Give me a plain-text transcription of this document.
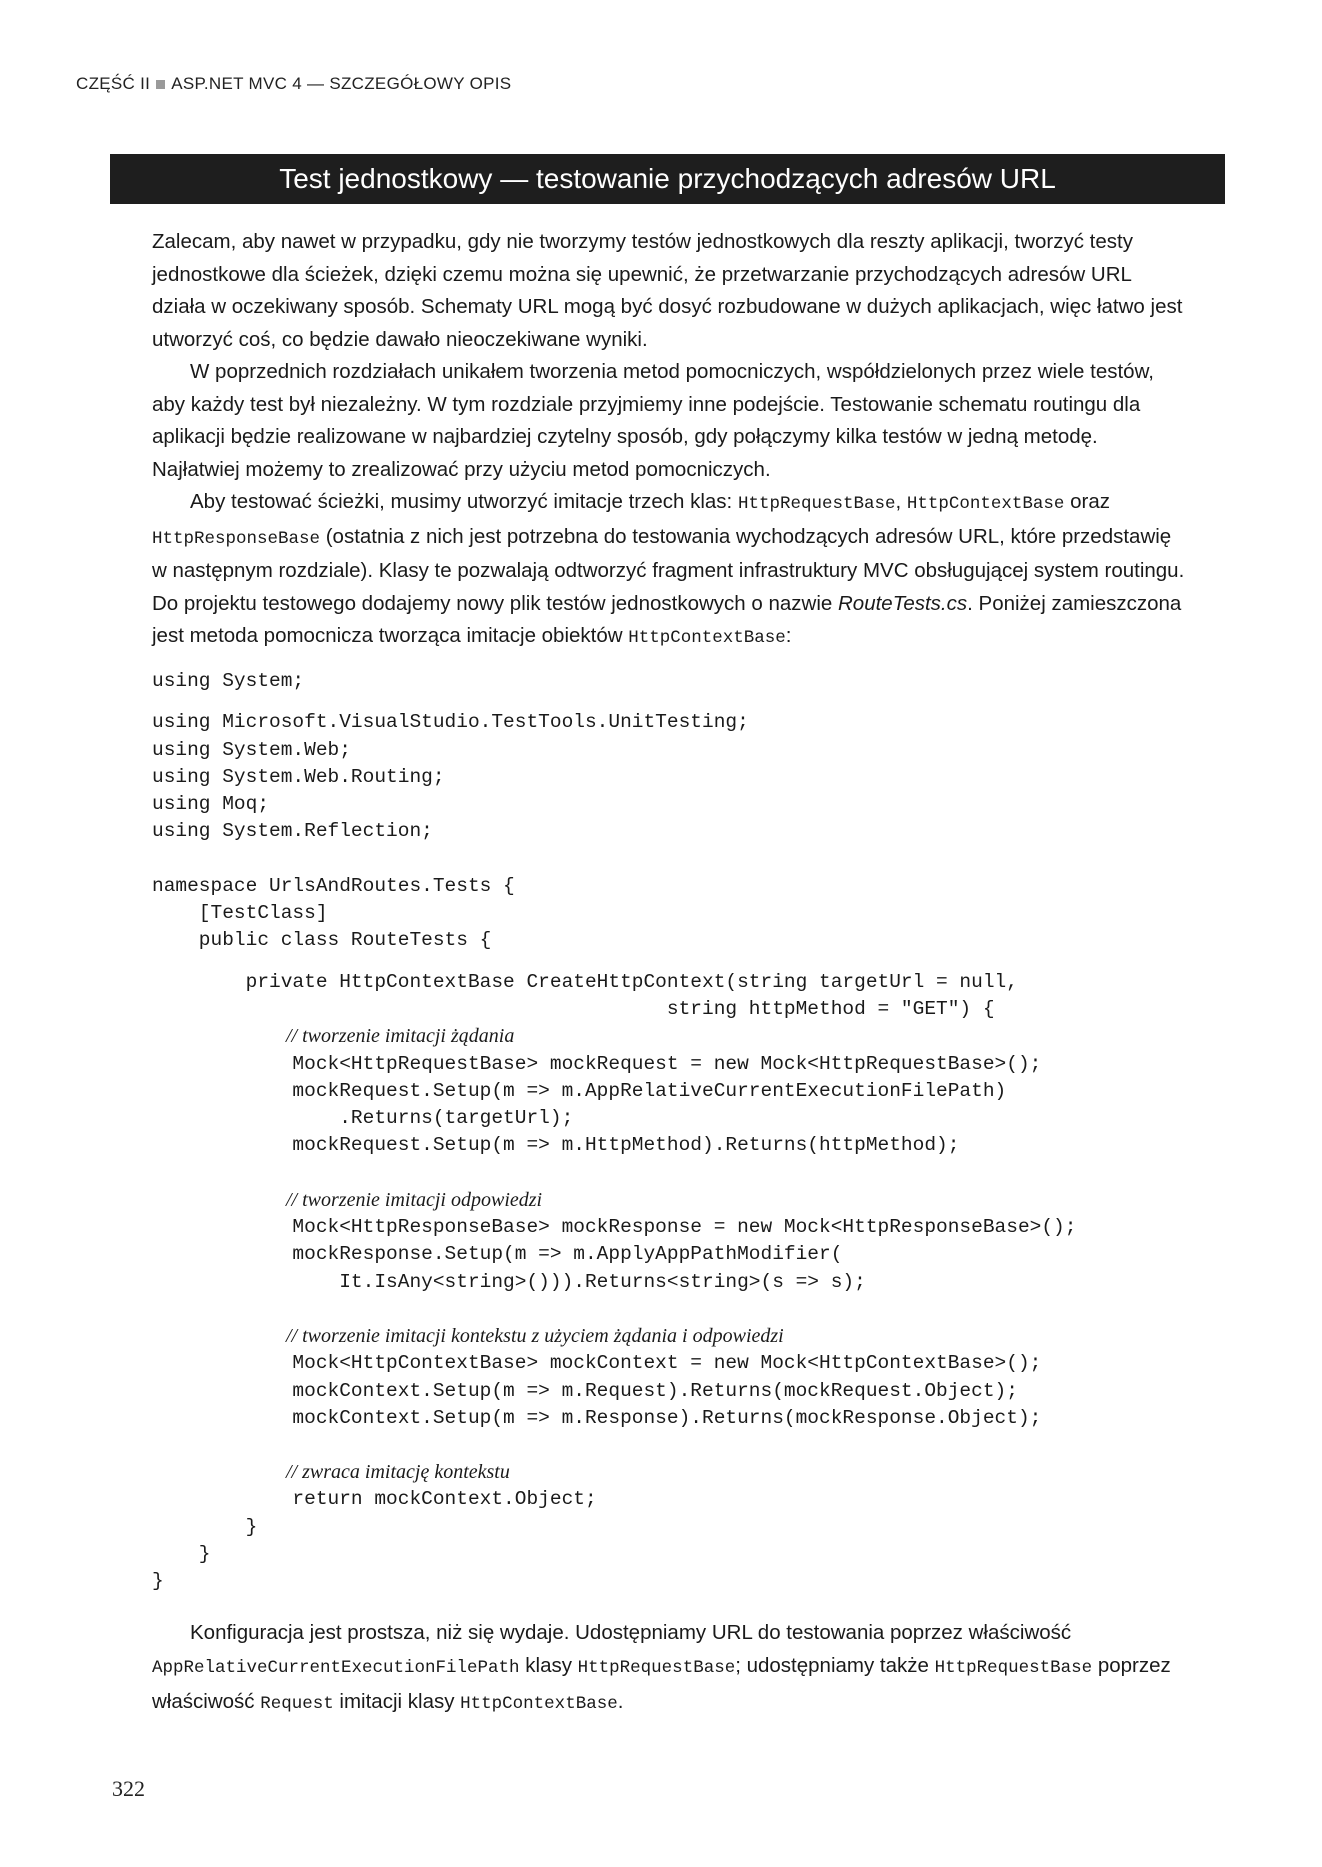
CZĘŚĆ II ASP.NET MVC 4 — SZCZEGÓŁOWY OPIS
Test jednostkowy — testowanie przychodzących adresów URL

Zalecam, aby nawet w przypadku, gdy nie tworzymy testów jednostkowych dla reszty aplikacji, tworzyć testy jednostkowe dla ścieżek, dzięki czemu można się upewnić, że przetwarzanie przychodzących adresów URL działa w oczekiwany sposób. Schematy URL mogą być dosyć rozbudowane w dużych aplikacjach, więc łatwo jest utworzyć coś, co będzie dawało nieoczekiwane wyniki.

W poprzednich rozdziałach unikałem tworzenia metod pomocniczych, współdzielonych przez wiele testów, aby każdy test był niezależny. W tym rozdziale przyjmiemy inne podejście. Testowanie schematu routingu dla aplikacji będzie realizowane w najbardziej czytelny sposób, gdy połączymy kilka testów w jedną metodę. Najłatwiej możemy to zrealizować przy użyciu metod pomocniczych.

Aby testować ścieżki, musimy utworzyć imitacje trzech klas: HttpRequestBase, HttpContextBase oraz HttpResponseBase (ostatnia z nich jest potrzebna do testowania wychodzących adresów URL, które przedstawię w następnym rozdziale). Klasy te pozwalają odtworzyć fragment infrastruktury MVC obsługującej system routingu. Do projektu testowego dodajemy nowy plik testów jednostkowych o nazwie RouteTests.cs. Poniżej zamieszczona jest metoda pomocnicza tworząca imitacje obiektów HttpContextBase:

using System;
using Microsoft.VisualStudio.TestTools.UnitTesting;
using System.Web;
using System.Web.Routing;
using Moq;
using System.Reflection;
namespace UrlsAndRoutes.Tests {
[TestClass]
public class RouteTests {
private HttpContextBase CreateHttpContext(string targetUrl = null,
string httpMethod = "GET") {
// tworzenie imitacji żądania
Mock<HttpRequestBase> mockRequest = new Mock<HttpRequestBase>();
mockRequest.Setup(m => m.AppRelativeCurrentExecutionFilePath)
.Returns(targetUrl);
mockRequest.Setup(m => m.HttpMethod).Returns(httpMethod);
// tworzenie imitacji odpowiedzi
Mock<HttpResponseBase> mockResponse = new Mock<HttpResponseBase>();
mockResponse.Setup(m => m.ApplyAppPathModifier(
It.IsAny<string>())).Returns<string>(s => s);
// tworzenie imitacji kontekstu z użyciem żądania i odpowiedzi
Mock<HttpContextBase> mockContext = new Mock<HttpContextBase>();
mockContext.Setup(m => m.Request).Returns(mockRequest.Object);
mockContext.Setup(m => m.Response).Returns(mockResponse.Object);
// zwraca imitację kontekstu
return mockContext.Object;
}
}
}

Konfiguracja jest prostsza, niż się wydaje. Udostępniamy URL do testowania poprzez właściwość AppRelativeCurrentExecutionFilePath klasy HttpRequestBase; udostępniamy także HttpRequestBase poprzez właściwość Request imitacji klasy HttpContextBase.

322
